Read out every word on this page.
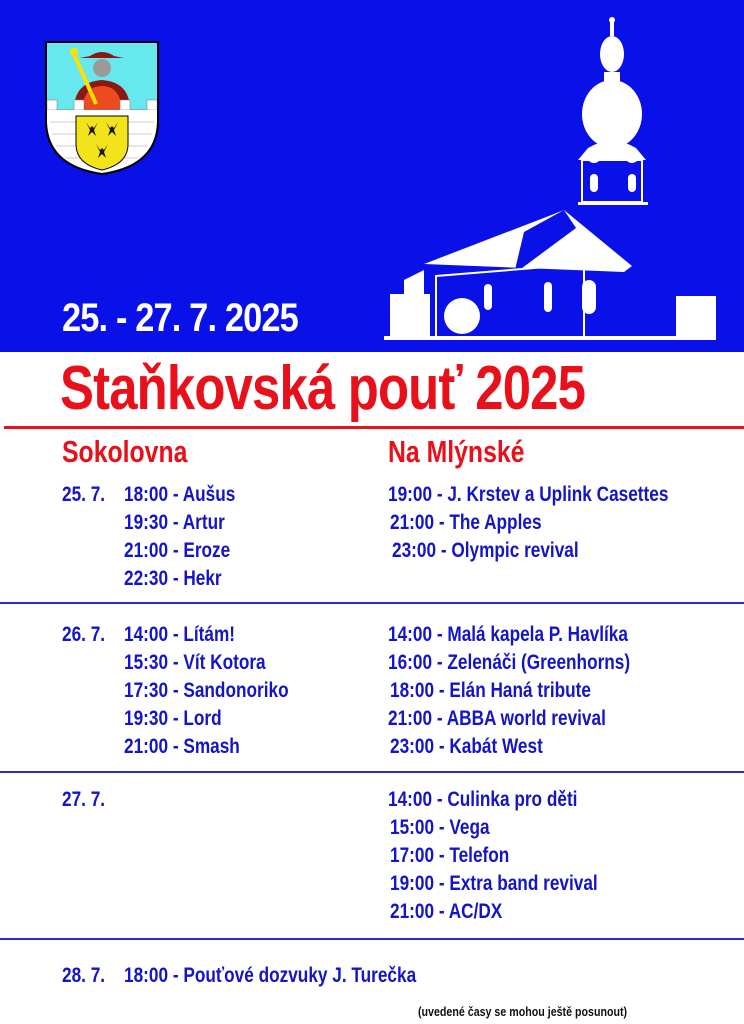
25. - 27. 7. 2025
Staňkovská pouť 2025
Sokolovna	Na Mlýnské
25. 7. 18:00 - Aušus
19:30 - Artur
21:00 - Eroze
22:30 - Hekr
19:00 - J. Krstev a Uplink Casettes
21:00 - The Apples
23:00 - Olympic revival
26. 7. 14:00 - Lítám!
15:30 - Vít Kotora
17:30 - Sandonoriko
19:30 - Lord
21:00 - Smash
14:00 - Malá kapela P. Havlíka
16:00 - Zelenáči (Greenhorns)
18:00 - Elán Haná tribute
21:00 - ABBA world revival
23:00 - Kabát West
27. 7.	14:00 - Culinka pro děti
15:00 - Vega
17:00 - Telefon
19:00 - Extra band revival
21:00 - AC/DX
28. 7. 18:00 - Pouťové dozvuky J. Turečka
(uvedené časy se mohou ještě posunout)
